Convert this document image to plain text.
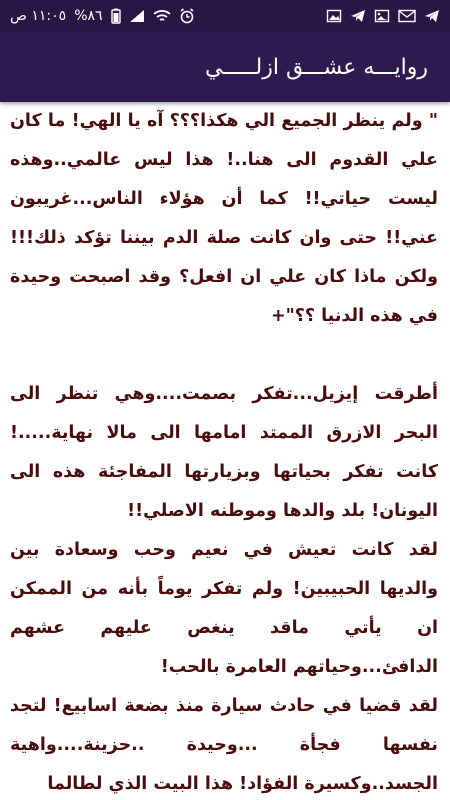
١١:٠٥ ص %٨٦
روايـــه عشـــق ازلـــــي

" ولم ينظر الجميع الي هكذا؟؟؟ آه يا الهي! ما كان علي القدوم الى هنا..! هذا ليس عالمي..وهذه ليست حياتي!! كما أن هؤلاء الناس...غريبون عني!! حتى وان كانت صلة الدم بيننا تؤكد ذلك!!! ولكن ماذا كان علي ان افعل؟ وقد اصبحت وحيدة في هذه الدنيا ؟؟"+

أطرقت إيزيل...تفكر بصمت....وهي تنظر الى البحر الازرق الممتد امامها الى مالا نهاية.....! كانت تفكر بحياتها وبزيارتها المفاجئة هذه الى اليونان! بلد والدها وموطنه الاصلي!!

لقد كانت تعيش في نعيم وحب وسعادة بين والديها الحبيبين! ولم تفكر يوماً بأنه من الممكن ان يأتي ماقد ينغص عليهم عشهم الدافئ...وحياتهم العامرة بالحب!

لقد قضيا في حادث سيارة منذ بضعة اسابيع! لتجد نفسها فجأة ...وحيدة ..حزينة....واهية الجسد..وكسيرة الفؤاد! هذا البيت الذي لطالما
